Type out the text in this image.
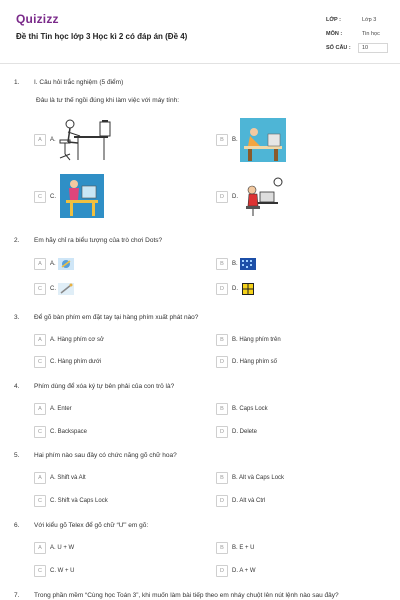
Quizizz
Đề thi Tin học lớp 3 Học kì 2 có đáp án (Đề 4)
LỚP :	Lớp 3
MÔN :	Tin học
SỐ CÂU : 10
1. I. Câu hỏi trắc nghiệm (5 điểm)
Đâu là tư thế ngồi đúng khi làm việc với máy tính:
A	A.	B	B.
C	C.	D	D.
2. Em hãy chỉ ra biểu tượng của trò chơi Dots?
A	A.	B	B.
C	C.	D	D.
3. Để gõ bàn phím em đặt tay tại hàng phím xuất phát nào?
A	A. Hàng phím cơ sở	B	B. Hàng phím trên
C	C. Hàng phím dưới	D	D. Hàng phím số
4. Phím dùng để xóa ký tự bên phải của con trỏ là?
A	A. Enter	B	B. Caps Lock
C	C. Backspace	D	D. Delete
5. Hai phím nào sau đây có chức năng gõ chữ hoa?
A	A. Shift và Alt	B	B. Alt và Caps Lock
C	C. Shift và Caps Lock	D	D. Alt và Ctrl
6. Với kiểu gõ Telex để gõ chữ “Ư” em gõ:
A	A. U + W	B	B. E + U
C	C. W + U	D	D. A + W
7. Trong phần mềm “Cùng học Toán 3”, khi muốn làm bài tiếp theo em nháy chuột lên nút lệnh nào sau đây?
